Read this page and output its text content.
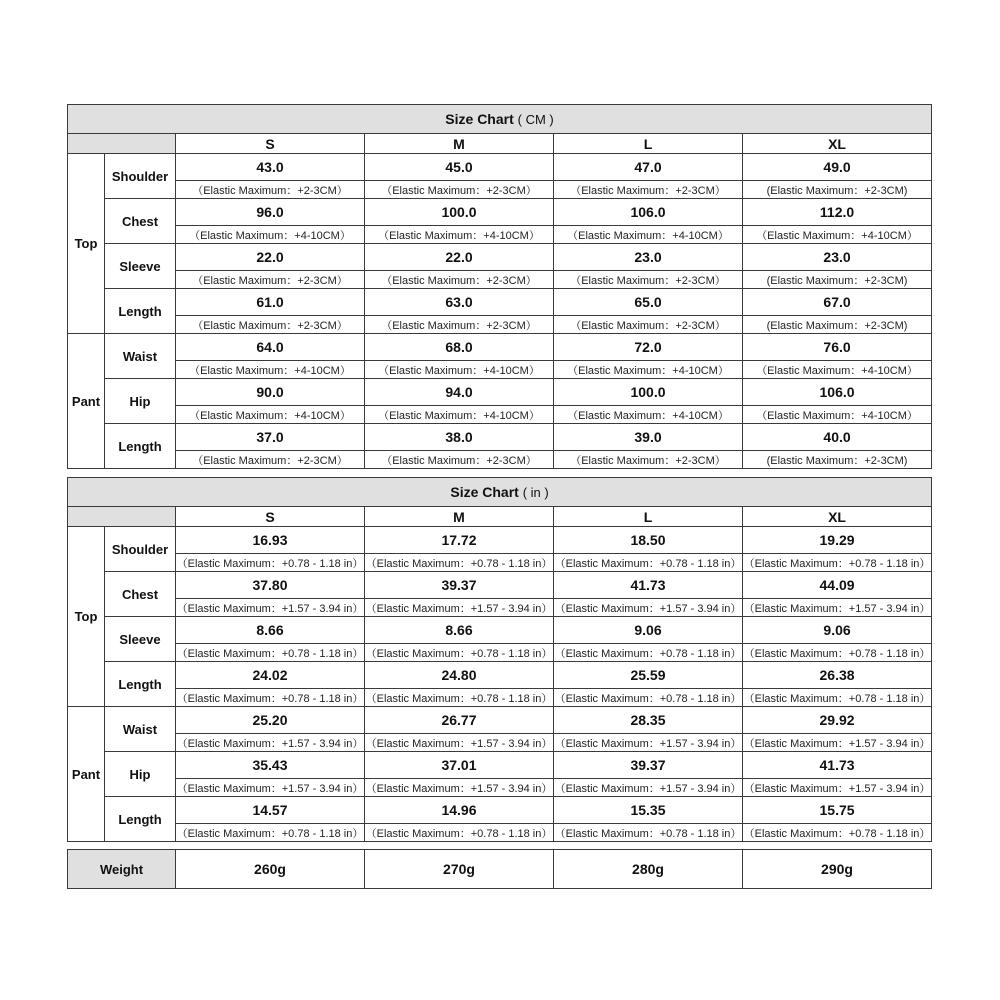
Size Chart ( CM )					
		S	M	L	XL
Top	Shoulder	43.0	45.0	47.0	49.0
		（Elastic Maximum：+2-3CM）	（Elastic Maximum：+2-3CM）	（Elastic Maximum：+2-3CM）	(Elastic Maximum：+2-3CM)
	Chest	96.0	100.0	106.0	112.0
		（Elastic Maximum：+4-10CM）	（Elastic Maximum：+4-10CM）	（Elastic Maximum：+4-10CM）	（Elastic Maximum：+4-10CM）
	Sleeve	22.0	22.0	23.0	23.0
		（Elastic Maximum：+2-3CM）	（Elastic Maximum：+2-3CM）	（Elastic Maximum：+2-3CM）	(Elastic Maximum：+2-3CM)
	Length	61.0	63.0	65.0	67.0
		（Elastic Maximum：+2-3CM）	（Elastic Maximum：+2-3CM）	（Elastic Maximum：+2-3CM）	(Elastic Maximum：+2-3CM)
Pant	Waist	64.0	68.0	72.0	76.0
		（Elastic Maximum：+4-10CM）	（Elastic Maximum：+4-10CM）	（Elastic Maximum：+4-10CM）	（Elastic Maximum：+4-10CM）
	Hip	90.0	94.0	100.0	106.0
		（Elastic Maximum：+4-10CM）	（Elastic Maximum：+4-10CM）	（Elastic Maximum：+4-10CM）	（Elastic Maximum：+4-10CM）
	Length	37.0	38.0	39.0	40.0
		（Elastic Maximum：+2-3CM）	（Elastic Maximum：+2-3CM）	（Elastic Maximum：+2-3CM）	(Elastic Maximum：+2-3CM)
Size Chart ( in )					
		S	M	L	XL
Top	Shoulder	16.93	17.72	18.50	19.29
		（Elastic Maximum：+0.78 - 1.18 in）	（Elastic Maximum：+0.78 - 1.18 in）	（Elastic Maximum：+0.78 - 1.18 in）	（Elastic Maximum：+0.78 - 1.18 in）
	Chest	37.80	39.37	41.73	44.09
		（Elastic Maximum：+1.57 - 3.94 in）	（Elastic Maximum：+1.57 - 3.94 in）	（Elastic Maximum：+1.57 - 3.94 in）	（Elastic Maximum：+1.57 - 3.94 in）
	Sleeve	8.66	8.66	9.06	9.06
		（Elastic Maximum：+0.78 - 1.18 in）	（Elastic Maximum：+0.78 - 1.18 in）	（Elastic Maximum：+0.78 - 1.18 in）	（Elastic Maximum：+0.78 - 1.18 in）
	Length	24.02	24.80	25.59	26.38
		（Elastic Maximum：+0.78 - 1.18 in）	（Elastic Maximum：+0.78 - 1.18 in）	（Elastic Maximum：+0.78 - 1.18 in）	（Elastic Maximum：+0.78 - 1.18 in）
Pant	Waist	25.20	26.77	28.35	29.92
		（Elastic Maximum：+1.57 - 3.94 in）	（Elastic Maximum：+1.57 - 3.94 in）	（Elastic Maximum：+1.57 - 3.94 in）	（Elastic Maximum：+1.57 - 3.94 in）
	Hip	35.43	37.01	39.37	41.73
		（Elastic Maximum：+1.57 - 3.94 in）	（Elastic Maximum：+1.57 - 3.94 in）	（Elastic Maximum：+1.57 - 3.94 in）	（Elastic Maximum：+1.57 - 3.94 in）
	Length	14.57	14.96	15.35	15.75
		（Elastic Maximum：+0.78 - 1.18 in）	（Elastic Maximum：+0.78 - 1.18 in）	（Elastic Maximum：+0.78 - 1.18 in）	（Elastic Maximum：+0.78 - 1.18 in）
Weight	260g	270g	280g	290g
